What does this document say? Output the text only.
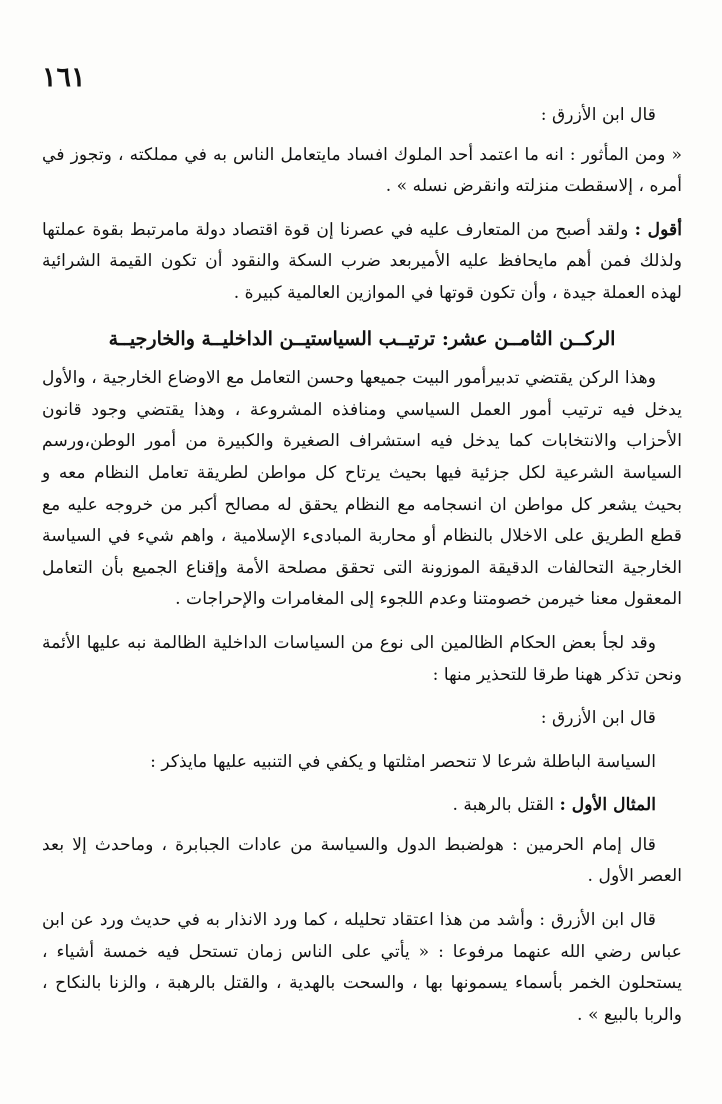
١٦١

قال ابن الأزرق :

« ومن المأثور : انه ما اعتمد أحد الملوك افساد مايتعامل الناس به في مملكته ، وتجوز في أمره ، إلاسقطت منزلته وانقرض نسله » .

أقول : ولقد أصبح من المتعارف عليه في عصرنا إن قوة اقتصاد دولة مامرتبط بقوة عملتها ولذلك فمن أهم مايحافظ عليه الأميربعد ضرب السكة والنقود أن تكون القيمة الشرائية لهذه العملة جيدة ، وأن تكون قوتها في الموازين العالمية كبيرة .

الركــن الثامــن عشر: ترتيــب السياستيــن الداخليــة والخارجيــة

وهذا الركن يقتضي تدبيرأمور البيت جميعها وحسن التعامل مع الاوضاع الخارجية ، والأول يدخل فيه ترتيب أمور العمل السياسي ومنافذه المشروعة ، وهذا يقتضي وجود قانون الأحزاب والانتخابات كما يدخل فيه استشراف الصغيرة والكبيرة من أمور الوطن،ورسم السياسة الشرعية لكل جزئية فيها بحيث يرتاح كل مواطن لطريقة تعامل النظام معه و بحيث يشعر كل مواطن ان انسجامه مع النظام يحقق له مصالح أكبر من خروجه عليه مع قطع الطريق على الاخلال بالنظام أو محاربة المبادىء الإسلامية ، واهم شيء في السياسة الخارجية التحالفات الدقيقة الموزونة التى تحقق مصلحة الأمة وإقناع الجميع بأن التعامل المعقول معنا خيرمن خصومتنا وعدم اللجوء إلى المغامرات والإحراجات .

وقد لجأ بعض الحكام الظالمين الى نوع من السياسات الداخلية الظالمة نبه عليها الأئمة ونحن تذكر ههنا طرقا للتحذير منها :

قال ابن الأزرق :

السياسة الباطلة شرعا لا تنحصر امثلتها و يكفي في التنبيه عليها مايذكر :

المثال الأول : القتل بالرهبة .

قال إمام الحرمين : هولضبط الدول والسياسة من عادات الجبابرة ، وماحدث إلا بعد العصر الأول .

قال ابن الأزرق : وأشد من هذا اعتقاد تحليله ، كما ورد الانذار به في حديث ورد عن ابن عباس رضي الله عنهما مرفوعا : « يأتي على الناس زمان تستحل فيه خمسة أشياء ، يستحلون الخمر بأسماء يسمونها بها ، والسحت بالهدية ، والقتل بالرهبة ، والزنا بالنكاح ، والربا بالبيع » .
